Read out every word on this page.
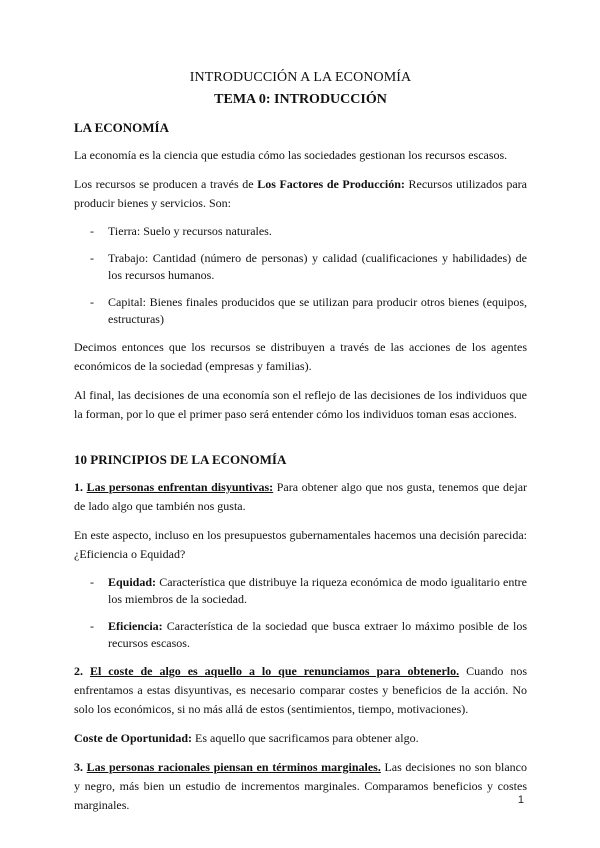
INTRODUCCIÓN A LA ECONOMÍA
TEMA 0: INTRODUCCIÓN
LA ECONOMÍA

La economía es la ciencia que estudia cómo las sociedades gestionan los recursos escasos.

Los recursos se producen a través de Los Factores de Producción: Recursos utilizados para producir bienes y servicios. Son:

- Tierra: Suelo y recursos naturales.
- Trabajo: Cantidad (número de personas) y calidad (cualificaciones y habilidades) de los recursos humanos.
- Capital: Bienes finales producidos que se utilizan para producir otros bienes (equipos, estructuras)

Decimos entonces que los recursos se distribuyen a través de las acciones de los agentes económicos de la sociedad (empresas y familias).

Al final, las decisiones de una economía son el reflejo de las decisiones de los individuos que la forman, por lo que el primer paso será entender cómo los individuos toman esas acciones.

10 PRINCIPIOS DE LA ECONOMÍA

1. Las personas enfrentan disyuntivas: Para obtener algo que nos gusta, tenemos que dejar de lado algo que también nos gusta.

En este aspecto, incluso en los presupuestos gubernamentales hacemos una decisión parecida: ¿Eficiencia o Equidad?

- Equidad: Característica que distribuye la riqueza económica de modo igualitario entre los miembros de la sociedad.
- Eficiencia: Característica de la sociedad que busca extraer lo máximo posible de los recursos escasos.

2. El coste de algo es aquello a lo que renunciamos para obtenerlo. Cuando nos enfrentamos a estas disyuntivas, es necesario comparar costes y beneficios de la acción. No solo los económicos, si no más allá de estos (sentimientos, tiempo, motivaciones).

Coste de Oportunidad: Es aquello que sacrificamos para obtener algo.

3. Las personas racionales piensan en términos marginales. Las decisiones no son blanco y negro, más bien un estudio de incrementos marginales. Comparamos beneficios y costes marginales.	1
